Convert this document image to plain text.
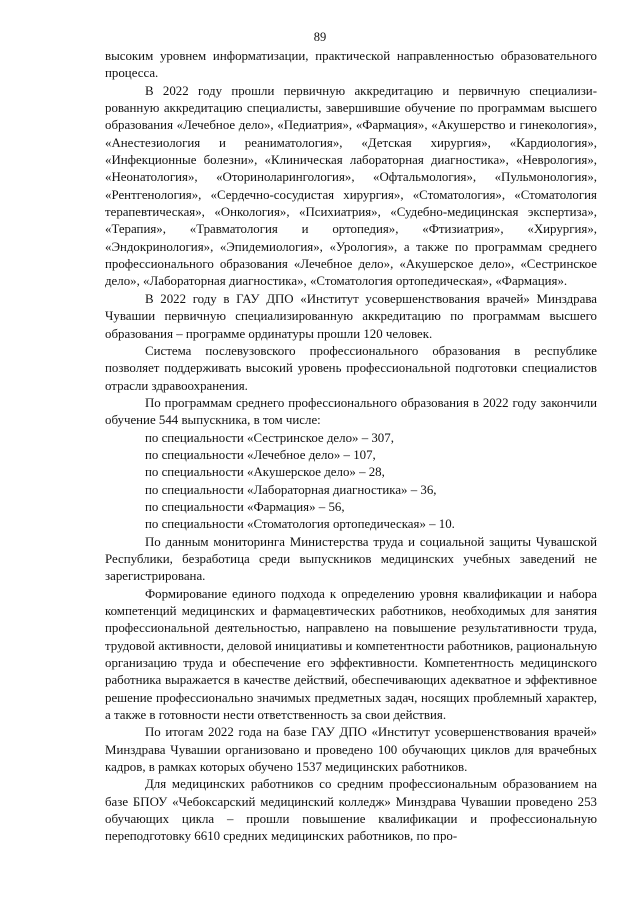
89

высоким уровнем информатизации, практической направленностью образовательного процесса.

В 2022 году прошли первичную аккредитацию и первичную специализированную аккредитацию специалисты, завершившие обучение по программам высшего образования «Лечебное дело», «Педиатрия», «Фармация», «Акушерство и гинекология», «Анестезиология и реаниматология», «Детская хирургия», «Кардиология», «Инфекционные болезни», «Клиническая лабораторная диагностика», «Неврология», «Неонатология», «Оториноларингология», «Офтальмология», «Пульмонология», «Рентгенология», «Сердечно-сосудистая хирургия», «Стоматология», «Стоматология терапевтическая», «Онкология», «Психиатрия», «Судебно-медицинская экспертиза», «Терапия», «Травматология и ортопедия», «Фтизиатрия», «Хирургия», «Эндокринология», «Эпидемиология», «Урология», а также по программам среднего профессионального образования «Лечебное дело», «Акушерское дело», «Сестринское дело», «Лабораторная диагностика», «Стоматология ортопедическая», «Фармация».

В 2022 году в ГАУ ДПО «Институт усовершенствования врачей» Минздрава Чувашии первичную специализированную аккредитацию по программам высшего образования – программе ординатуры прошли 120 человек.

Система послевузовского профессионального образования в республике позволяет поддерживать высокий уровень профессиональной подготовки специалистов отрасли здравоохранения.

По программам среднего профессионального образования в 2022 году закончили обучение 544 выпускника, в том числе:

по специальности «Сестринское дело» – 307,

по специальности «Лечебное дело» – 107,

по специальности «Акушерское дело» – 28,

по специальности «Лабораторная диагностика» – 36,

по специальности «Фармация» – 56,

по специальности «Стоматология ортопедическая» – 10.

По данным мониторинга Министерства труда и социальной защиты Чувашской Республики, безработица среди выпускников медицинских учебных заведений не зарегистрирована.

Формирование единого подхода к определению уровня квалификации и набора компетенций медицинских и фармацевтических работников, необходимых для занятия профессиональной деятельностью, направлено на повышение результативности труда, трудовой активности, деловой инициативы и компетентности работников, рациональную организацию труда и обеспечение его эффективности. Компетентность медицинского работника выражается в качестве действий, обеспечивающих адекватное и эффективное решение профессионально значимых предметных задач, носящих проблемный характер, а также в готовности нести ответственность за свои действия.

По итогам 2022 года на базе ГАУ ДПО «Институт усовершенствования врачей» Минздрава Чувашии организовано и проведено 100 обучающих циклов для врачебных кадров, в рамках которых обучено 1537 медицинских работников.

Для медицинских работников со средним профессиональным образованием на базе БПОУ «Чебоксарский медицинский колледж» Минздрава Чувашии проведено 253 обучающих цикла – прошли повышение квалификации и профессиональную переподготовку 6610 средних медицинских работников, по про-
